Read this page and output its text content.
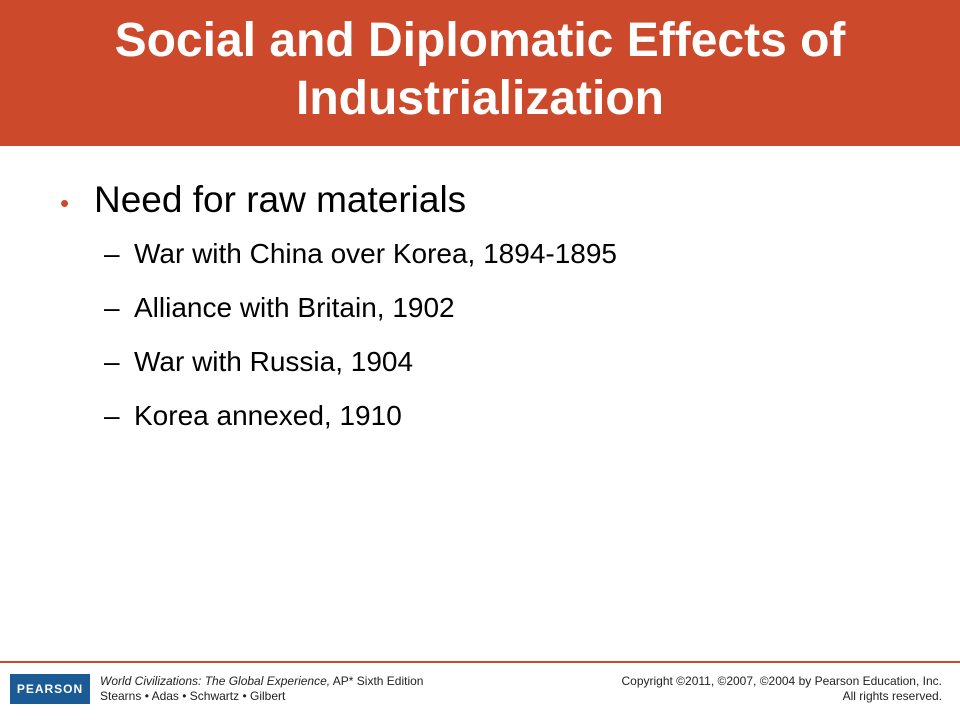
Social and Diplomatic Effects of Industrialization
• Need for raw materials
– War with China over Korea, 1894-1895
– Alliance with Britain, 1902
– War with Russia, 1904
– Korea annexed, 1910
PEARSON
World Civilizations: The Global Experience, AP* Sixth Edition
Stearns • Adas • Schwartz • Gilbert
Copyright ©2011, ©2007, ©2004 by Pearson Education, Inc.
All rights reserved.
